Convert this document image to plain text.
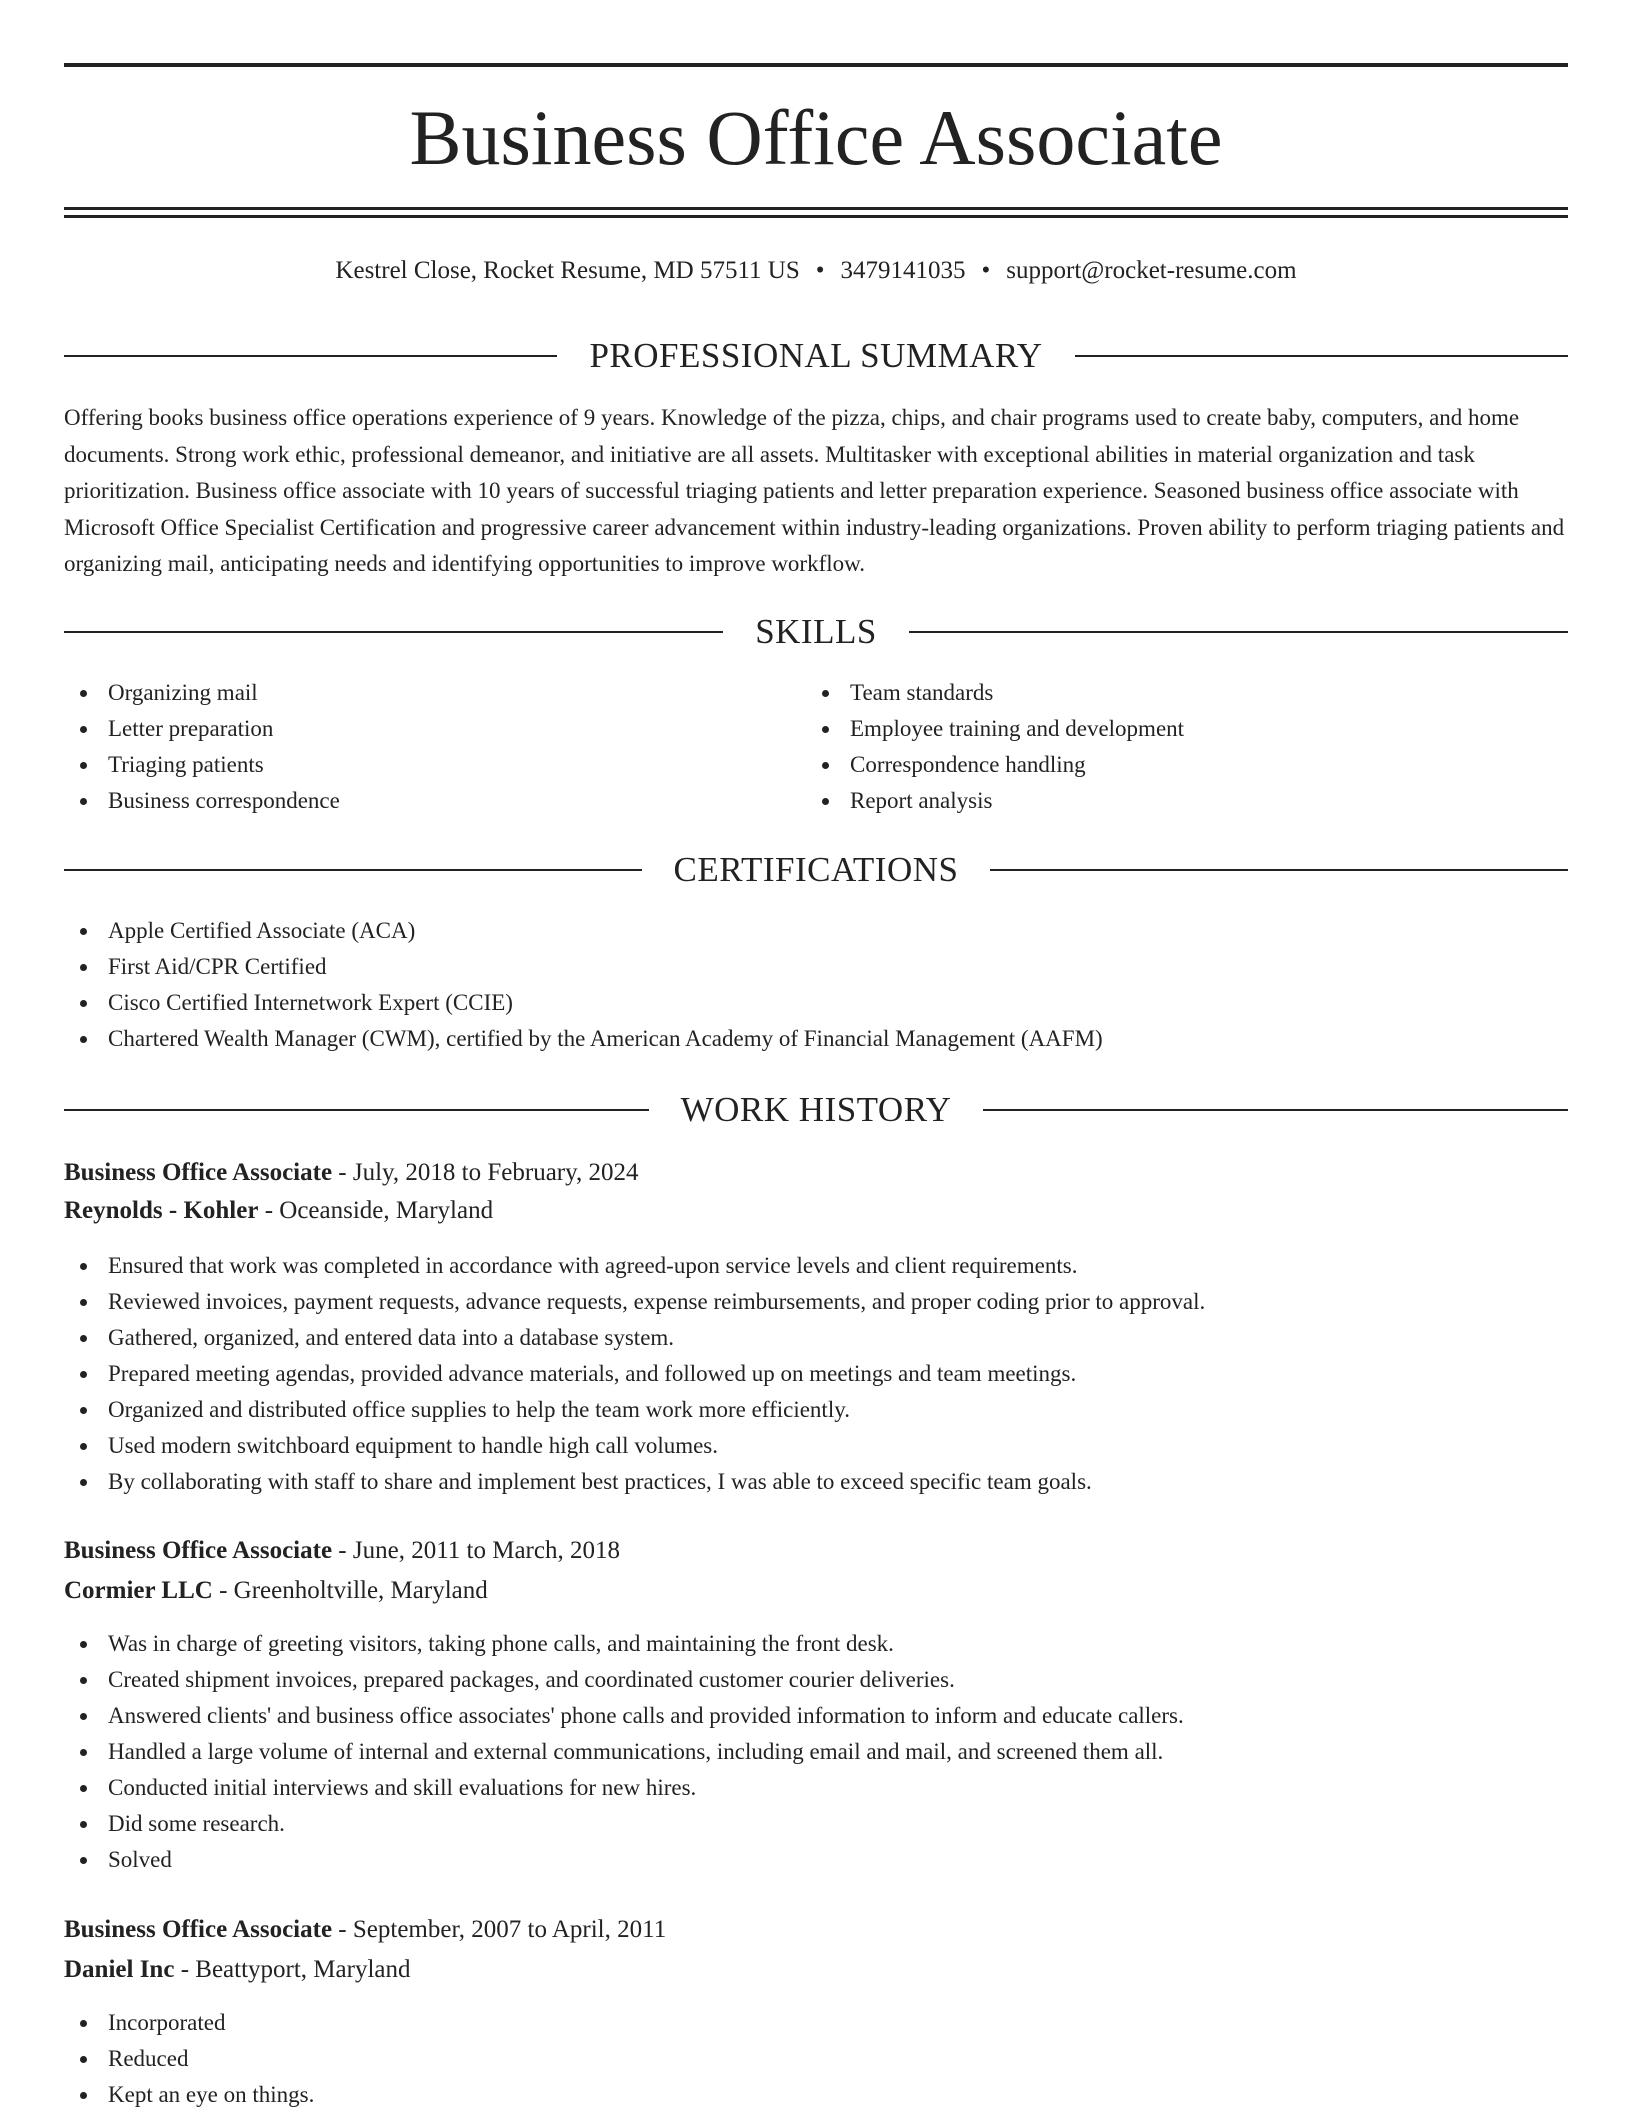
Business Office Associate
Kestrel Close, Rocket Resume, MD 57511 US • 3479141035 • support@rocket-resume.com
PROFESSIONAL SUMMARY

Offering books business office operations experience of 9 years. Knowledge of the pizza, chips, and chair programs used to create baby, computers, and home documents. Strong work ethic, professional demeanor, and initiative are all assets. Multitasker with exceptional abilities in material organization and task prioritization. Business office associate with 10 years of successful triaging patients and letter preparation experience. Seasoned business office associate with Microsoft Office Specialist Certification and progressive career advancement within industry-leading organizations. Proven ability to perform triaging patients and organizing mail, anticipating needs and identifying opportunities to improve workflow.

SKILLS
Organizing mail
Letter preparation
Triaging patients
Business correspondence
Team standards
Employee training and development
Correspondence handling
Report analysis
CERTIFICATIONS
Apple Certified Associate (ACA)
First Aid/CPR Certified
Cisco Certified Internetwork Expert (CCIE)
Chartered Wealth Manager (CWM), certified by the American Academy of Financial Management (AAFM)
WORK HISTORY
Business Office Associate - July, 2018 to February, 2024
Reynolds - Kohler - Oceanside, Maryland
Ensured that work was completed in accordance with agreed-upon service levels and client requirements.
Reviewed invoices, payment requests, advance requests, expense reimbursements, and proper coding prior to approval.
Gathered, organized, and entered data into a database system.
Prepared meeting agendas, provided advance materials, and followed up on meetings and team meetings.
Organized and distributed office supplies to help the team work more efficiently.
Used modern switchboard equipment to handle high call volumes.
By collaborating with staff to share and implement best practices, I was able to exceed specific team goals.
Business Office Associate - June, 2011 to March, 2018
Cormier LLC - Greenholtville, Maryland
Was in charge of greeting visitors, taking phone calls, and maintaining the front desk.
Created shipment invoices, prepared packages, and coordinated customer courier deliveries.
Answered clients' and business office associates' phone calls and provided information to inform and educate callers.
Handled a large volume of internal and external communications, including email and mail, and screened them all.
Conducted initial interviews and skill evaluations for new hires.
Did some research.
Solved
Business Office Associate - September, 2007 to April, 2011
Daniel Inc - Beattyport, Maryland
Incorporated
Reduced
Kept an eye on things.
